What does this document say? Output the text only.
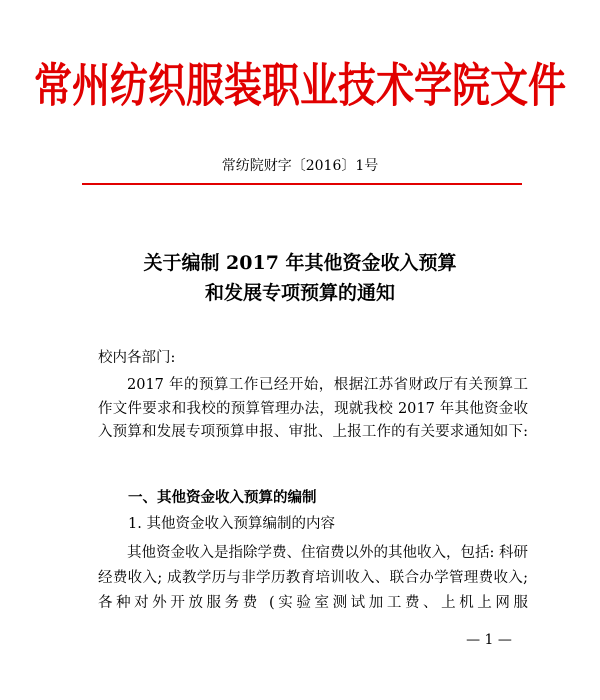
常州纺织服装职业技术学院文件
常纺院财字〔2016〕1号
关于编制 2017 年其他资金收入预算
和发展专项预算的通知
校内各部门:
2017 年的预算工作已经开始，根据江苏省财政厅有关预算工作文件要求和我校的预算管理办法，现就我校 2017 年其他资金收入预算和发展专项预算申报、审批、上报工作的有关要求通知如下:
一、其他资金收入预算的编制
1. 其他资金收入预算编制的内容
其他资金收入是指除学费、住宿费以外的其他收入，包括: 科研经费收入; 成教学历与非学历教育培训收入、联合办学管理费收入; 各种对外开放服务费 (实验室测试加工费、上机上网服
— 1 —
